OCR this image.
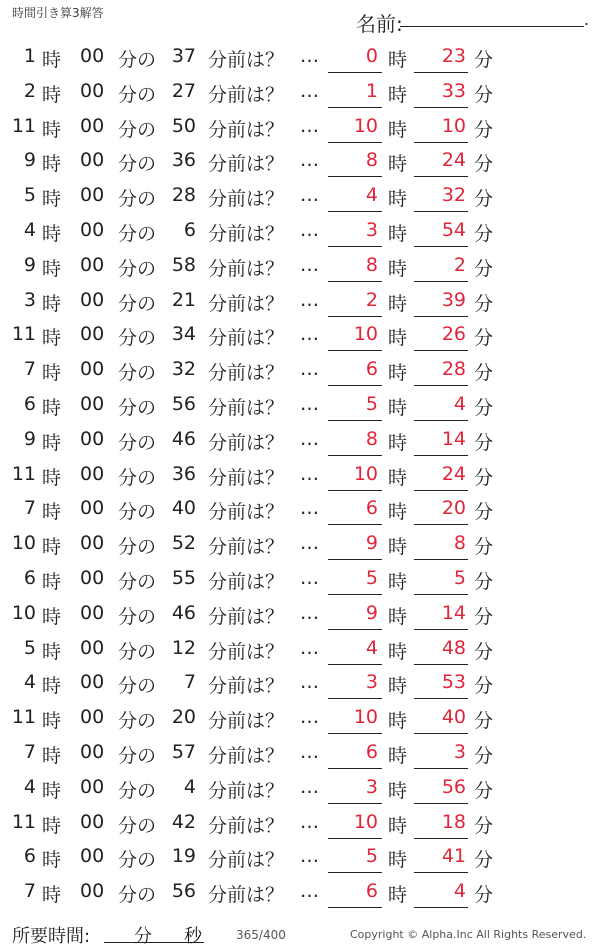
時間引き算3解答	名前:	.
1 時 00 分の 37 分前は？ …	0 時	23 分
2 時 00 分の 27 分前は？ …	1 時	33 分
11 時 00 分の 50 分前は？ …	10 時	10 分
9 時 00 分の 36 分前は？ …	8 時	24 分
5 時 00 分の 28 分前は？ …	4 時	32 分
4 時 00 分の	6 分前は？ …	3 時	54 分
9 時 00 分の 58 分前は？ …	8 時	2 分
3 時 00 分の 21 分前は？ …	2 時	39 分
11 時 00 分の 34 分前は？ …	10 時	26 分
7 時 00 分の 32 分前は？ …	6 時	28 分
6 時 00 分の 56 分前は？ …	5 時	4 分
9 時 00 分の 46 分前は？ …	8 時	14 分
11 時 00 分の 36 分前は？ …	10 時	24 分
7 時 00 分の 40 分前は？ …	6 時	20 分
10 時 00 分の 52 分前は？ …	9 時	8 分
6 時 00 分の 55 分前は？ …	5 時	5 分
10 時 00 分の 46 分前は？ …	9 時	14 分
5 時 00 分の 12 分前は？ …	4 時	48 分
4 時 00 分の	7 分前は？ …	3 時	53 分
11 時 00 分の 20 分前は？ …	10 時	40 分
7 時 00 分の 57 分前は？ …	6 時	3 分
4 時 00 分の	4 分前は？ …	3 時	56 分
11 時 00 分の 42 分前は？ …	10 時	18 分
6 時 00 分の 19 分前は？ …	5 時	41 分
7 時 00 分の 56 分前は？ …	6 時	4 分
所要時間: 分 秒	365/400	Copyright © Alpha.Inc All Rights Reserved.
